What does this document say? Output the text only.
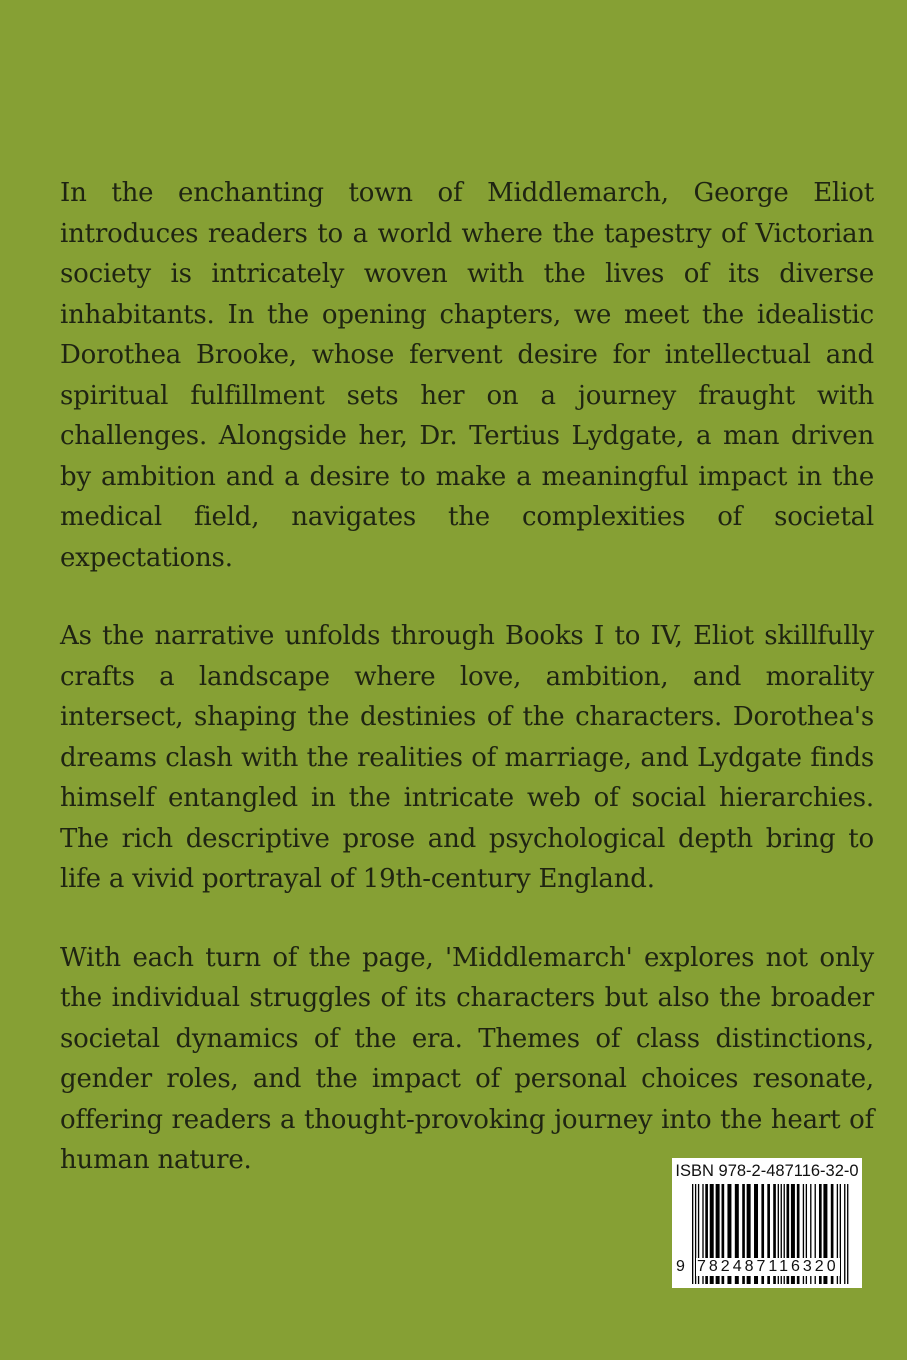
In the enchanting town of Middlemarch, George Eliot introduces readers to a world where the tapestry of Victorian society is intricately woven with the lives of its diverse inhabitants. In the opening chapters, we meet the idealistic Dorothea Brooke, whose fervent desire for intellectual and spiritual fulfillment sets her on a journey fraught with challenges. Alongside her, Dr. Tertius Lydgate, a man driven by ambition and a desire to make a meaningful impact in the medical field, navigates the complexities of societal expectations.

As the narrative unfolds through Books I to IV, Eliot skillfully crafts a landscape where love, ambition, and morality intersect, shaping the destinies of the characters. Dorothea's dreams clash with the realities of marriage, and Lydgate finds himself entangled in the intricate web of social hierarchies. The rich descriptive prose and psychological depth bring to life a vivid portrayal of 19th-century England.

With each turn of the page, 'Middlemarch' explores not only the individual struggles of its characters but also the broader societal dynamics of the era. Themes of class distinctions, gender roles, and the impact of personal choices resonate, offering readers a thought-provoking journey into the heart of human nature.	ISBN 978-2-487116-32-0
9 782487116320
